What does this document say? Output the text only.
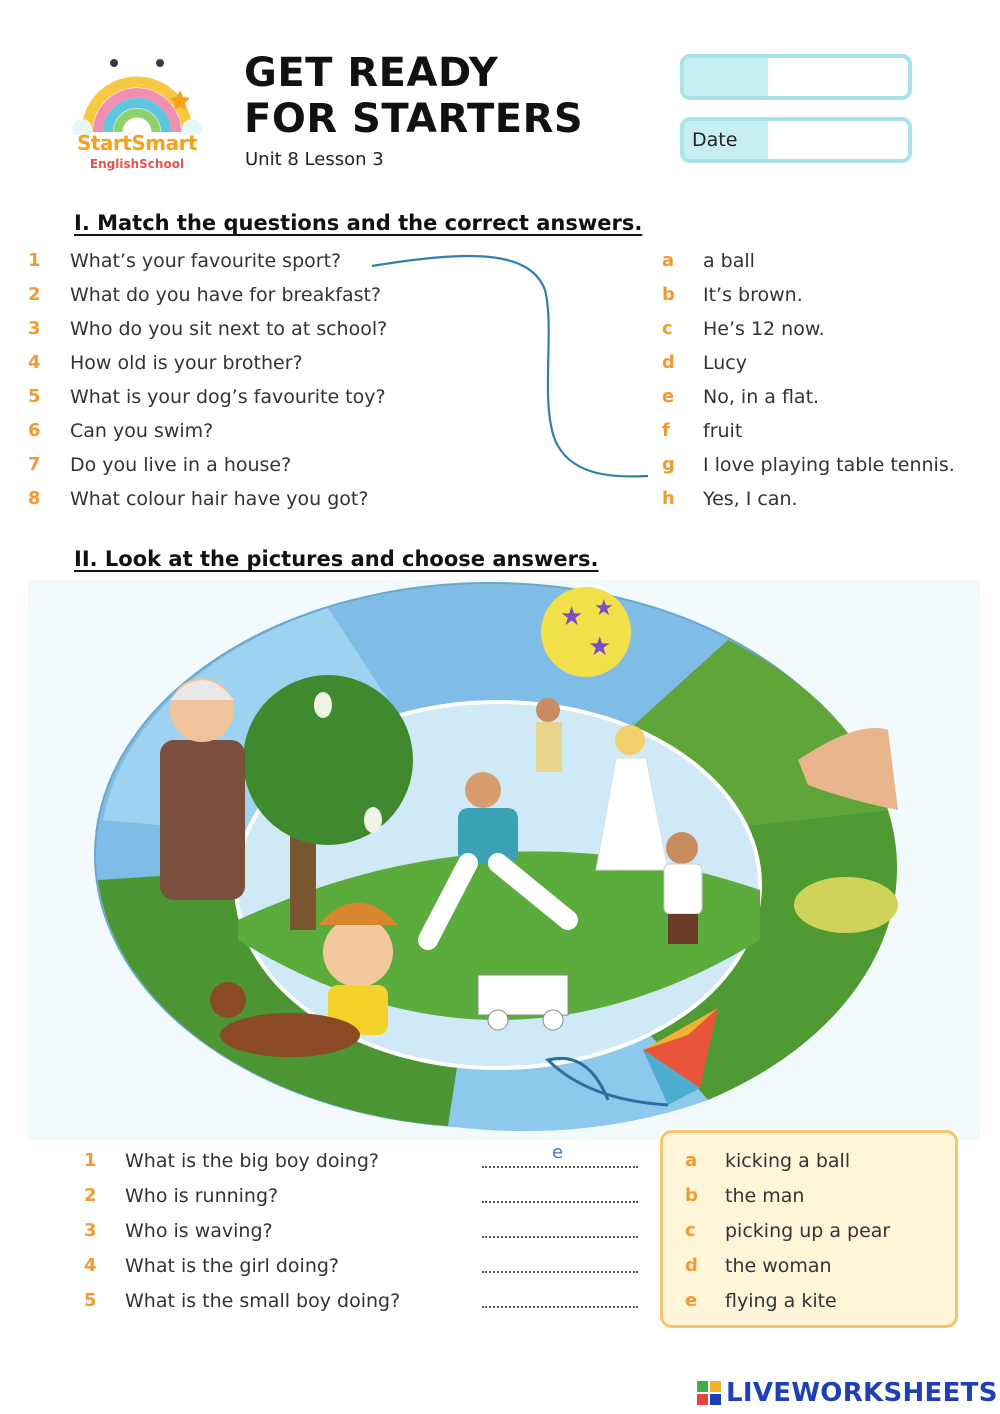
StartSmart
EnglishSchool
GET READY
FOR STARTERS
Unit 8 Lesson 3
Date
I. Match the questions and the correct answers.
1	What’s your favourite sport?	a a ball
2	What do you have for breakfast?	b It’s brown.
3	Who do you sit next to at school?	c He’s 12 now.
4	How old is your brother?	d Lucy
5	What is your dog’s favourite toy?	e No, in a flat.
6	Can you swim?	f fruit
7	Do you live in a house?	g I love playing table tennis.
8	What colour hair have you got?	h Yes, I can.
II. Look at the pictures and choose answers.
★
★
★
1 What is the big boy doing?	e
2 Who is running?
3 Who is waving?
4 What is the girl doing?
5 What is the small boy doing?
a kicking a ball
b the man
c picking up a pear
d the woman
e flying a kite
LIVEWORKSHEETS
